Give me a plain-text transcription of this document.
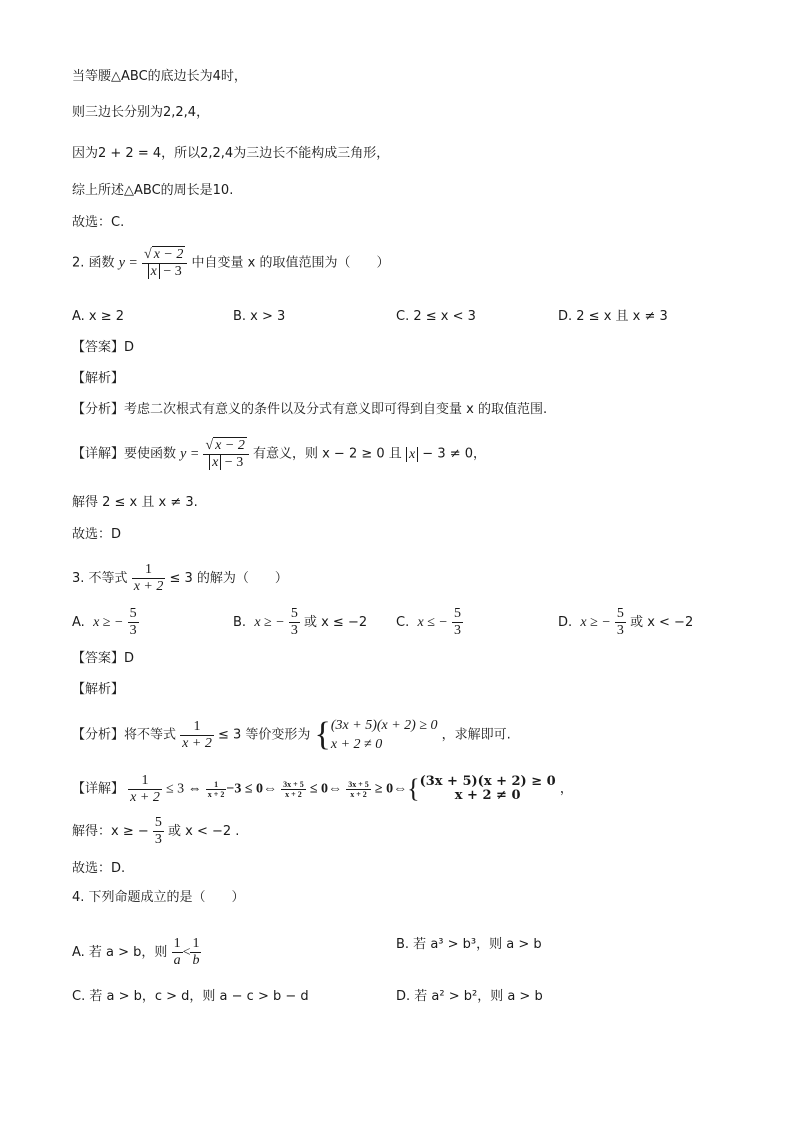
当等腰△ABC的底边长为4时，
则三边长分别为2,2,4，
因为2 + 2 = 4，所以2,2,4为三边长不能构成三角形，
综上所述△ABC的周长是10.
故选：C.
2. 函数 $y = \frac{√ x - 2}{x - 3}$ 中自变量 x 的取值范围为（　　）
A. x ≥ 2	B. x > 3	C. 2 ≤ x < 3	D. 2 ≤ x 且 x ≠ 3
【答案】D
【解析】
【分析】考虑二次根式有意义的条件以及分式有意义即可得到自变量 x 的取值范围.
【详解】要使函数 $y = \frac{√ x - 2}{x - 3}$ 有意义，则 x − 2 ≥ 0 且 x − 3 ≠ 0，
解得 2 ≤ x 且 x ≠ 3.
故选：D
3. 不等式 $\frac{1}{x + 2} \le 3$ 的解为（　　）
A. x ≥ − $\frac{5}{3}$	B. x ≥ − $\frac{5}{3}$ 或 x ≤ −2 C. x ≤ − $\frac{5}{3}$	D. x ≥ − $\frac{5}{3}$ 或 x < −2
【答案】D
【解析】
【分析】将不等式 $\frac{1}{x + 2} \le 3$ 等价变形为 { (3x + 5)(x + 2) ≥ 0
x + 2 ≠ 0
，求解即可.
【详解】 $\frac{1}{x + 2} \le 3$ ⇔ $\frac{1}{x + 2} -3$ ≤ 0⇔ $\frac{3x + 5}{x + 2}$ ≤ 0⇔ $\frac{3x + 5}{x + 2}$ ≥ 0⇔{ (3x + 5)(x + 2) ≥ 0
x + 2 ≠ 0	，
解得：x ≥ − $\frac{5}{3}$ 或 x < −2 .
故选：D.
4. 下列命题成立的是（　　）
A. 若 a > b，则 $\frac{1}{a} < \frac{1}{b}$	B. 若 a³ > b³，则 a > b
C. 若 a > b，c > d，则 a − c > b − d	D. 若 a² > b²，则 a > b
